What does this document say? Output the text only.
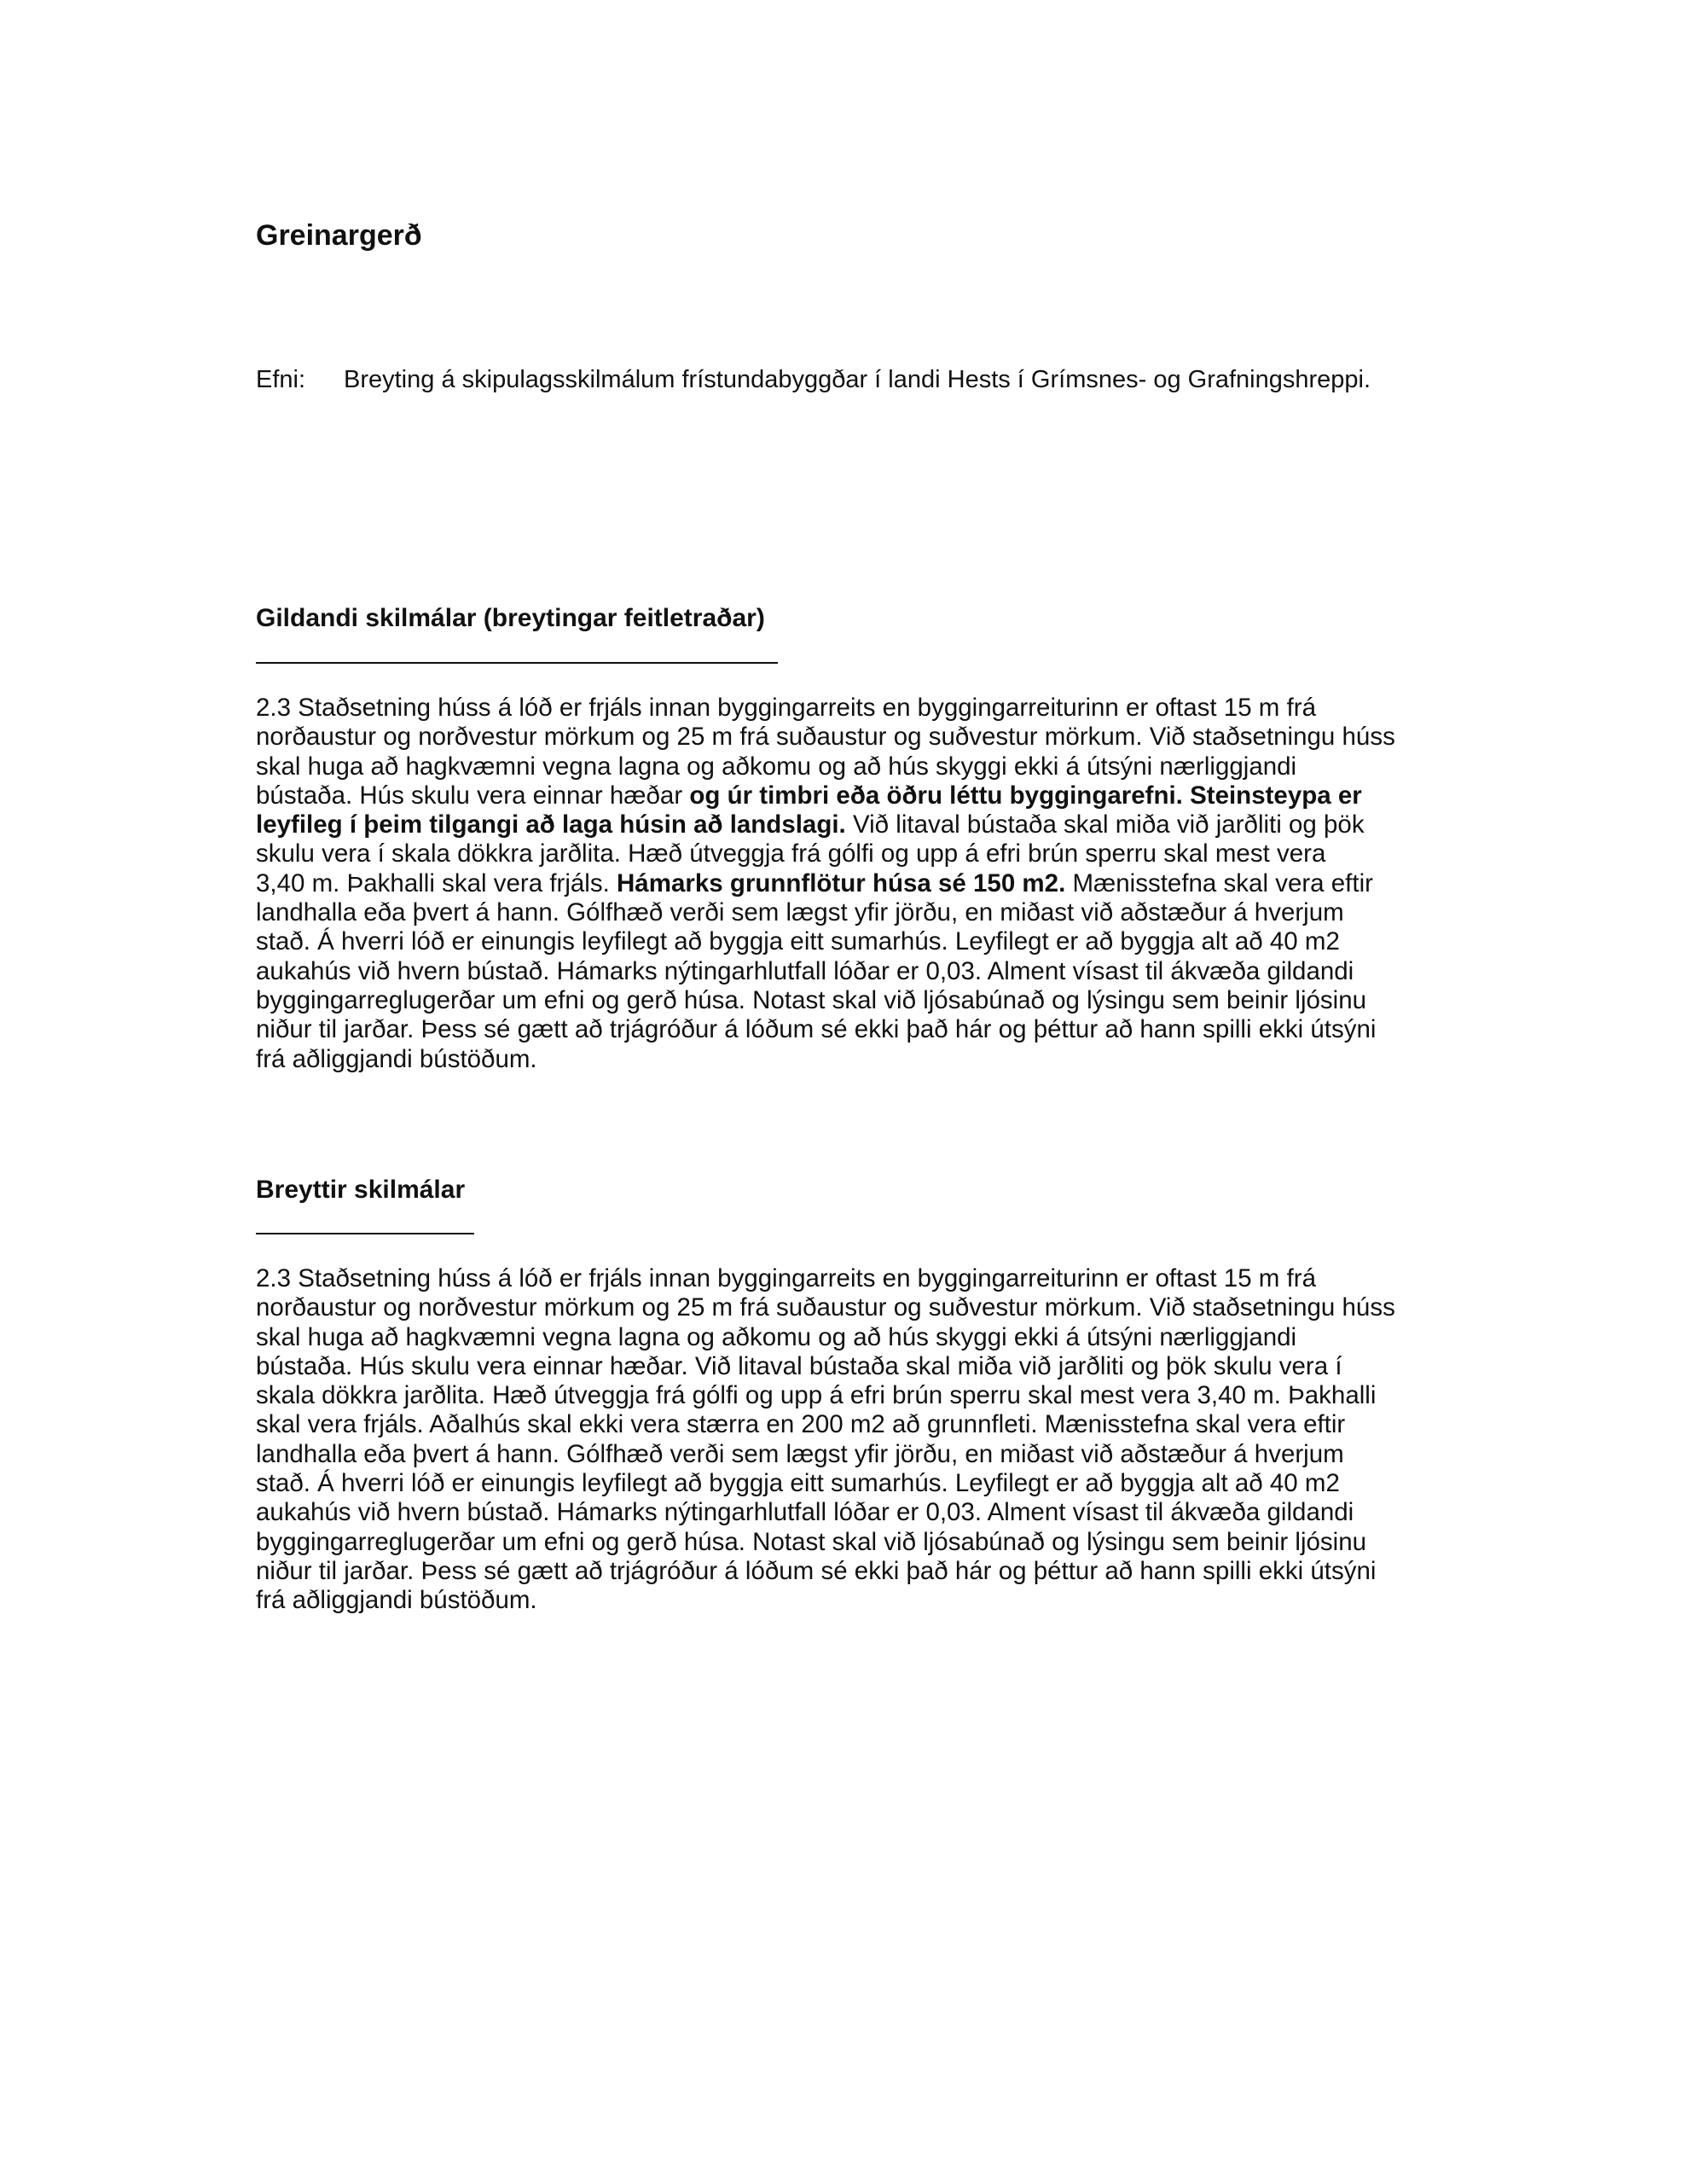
Greinargerð
Efni: Breyting á skipulagsskilmálum frístundabyggðar í landi Hests í Grímsnes- og Grafningshreppi.
Gildandi skilmálar (breytingar feitletraðar)
2.3 Staðsetning húss á lóð er frjáls innan byggingarreits en byggingarreiturinn er oftast 15 m frá
norðaustur og norðvestur mörkum og 25 m frá suðaustur og suðvestur mörkum. Við staðsetningu húss
skal huga að hagkvæmni vegna lagna og aðkomu og að hús skyggi ekki á útsýni nærliggjandi
bústaða. Hús skulu vera einnar hæðar og úr timbri eða öðru léttu byggingarefni. Steinsteypa er
leyfileg í þeim tilgangi að laga húsin að landslagi. Við litaval bústaða skal miða við jarðliti og þök
skulu vera í skala dökkra jarðlita. Hæð útveggja frá gólfi og upp á efri brún sperru skal mest vera
3,40 m. Þakhalli skal vera frjáls. Hámarks grunnflötur húsa sé 150 m2. Mænisstefna skal vera eftir
landhalla eða þvert á hann. Gólfhæð verði sem lægst yfir jörðu, en miðast við aðstæður á hverjum
stað. Á hverri lóð er einungis leyfilegt að byggja eitt sumarhús. Leyfilegt er að byggja alt að 40 m2
aukahús við hvern bústað. Hámarks nýtingarhlutfall lóðar er 0,03. Alment vísast til ákvæða gildandi
byggingarreglugerðar um efni og gerð húsa. Notast skal við ljósabúnað og lýsingu sem beinir ljósinu
niður til jarðar. Þess sé gætt að trjágróður á lóðum sé ekki það hár og þéttur að hann spilli ekki útsýni
frá aðliggjandi bústöðum.
Breyttir skilmálar
2.3 Staðsetning húss á lóð er frjáls innan byggingarreits en byggingarreiturinn er oftast 15 m frá
norðaustur og norðvestur mörkum og 25 m frá suðaustur og suðvestur mörkum. Við staðsetningu húss
skal huga að hagkvæmni vegna lagna og aðkomu og að hús skyggi ekki á útsýni nærliggjandi
bústaða. Hús skulu vera einnar hæðar. Við litaval bústaða skal miða við jarðliti og þök skulu vera í
skala dökkra jarðlita. Hæð útveggja frá gólfi og upp á efri brún sperru skal mest vera 3,40 m. Þakhalli
skal vera frjáls. Aðalhús skal ekki vera stærra en 200 m2 að grunnfleti. Mænisstefna skal vera eftir
landhalla eða þvert á hann. Gólfhæð verði sem lægst yfir jörðu, en miðast við aðstæður á hverjum
stað. Á hverri lóð er einungis leyfilegt að byggja eitt sumarhús. Leyfilegt er að byggja alt að 40 m2
aukahús við hvern bústað. Hámarks nýtingarhlutfall lóðar er 0,03. Alment vísast til ákvæða gildandi
byggingarreglugerðar um efni og gerð húsa. Notast skal við ljósabúnað og lýsingu sem beinir ljósinu
niður til jarðar. Þess sé gætt að trjágróður á lóðum sé ekki það hár og þéttur að hann spilli ekki útsýni
frá aðliggjandi bústöðum.
